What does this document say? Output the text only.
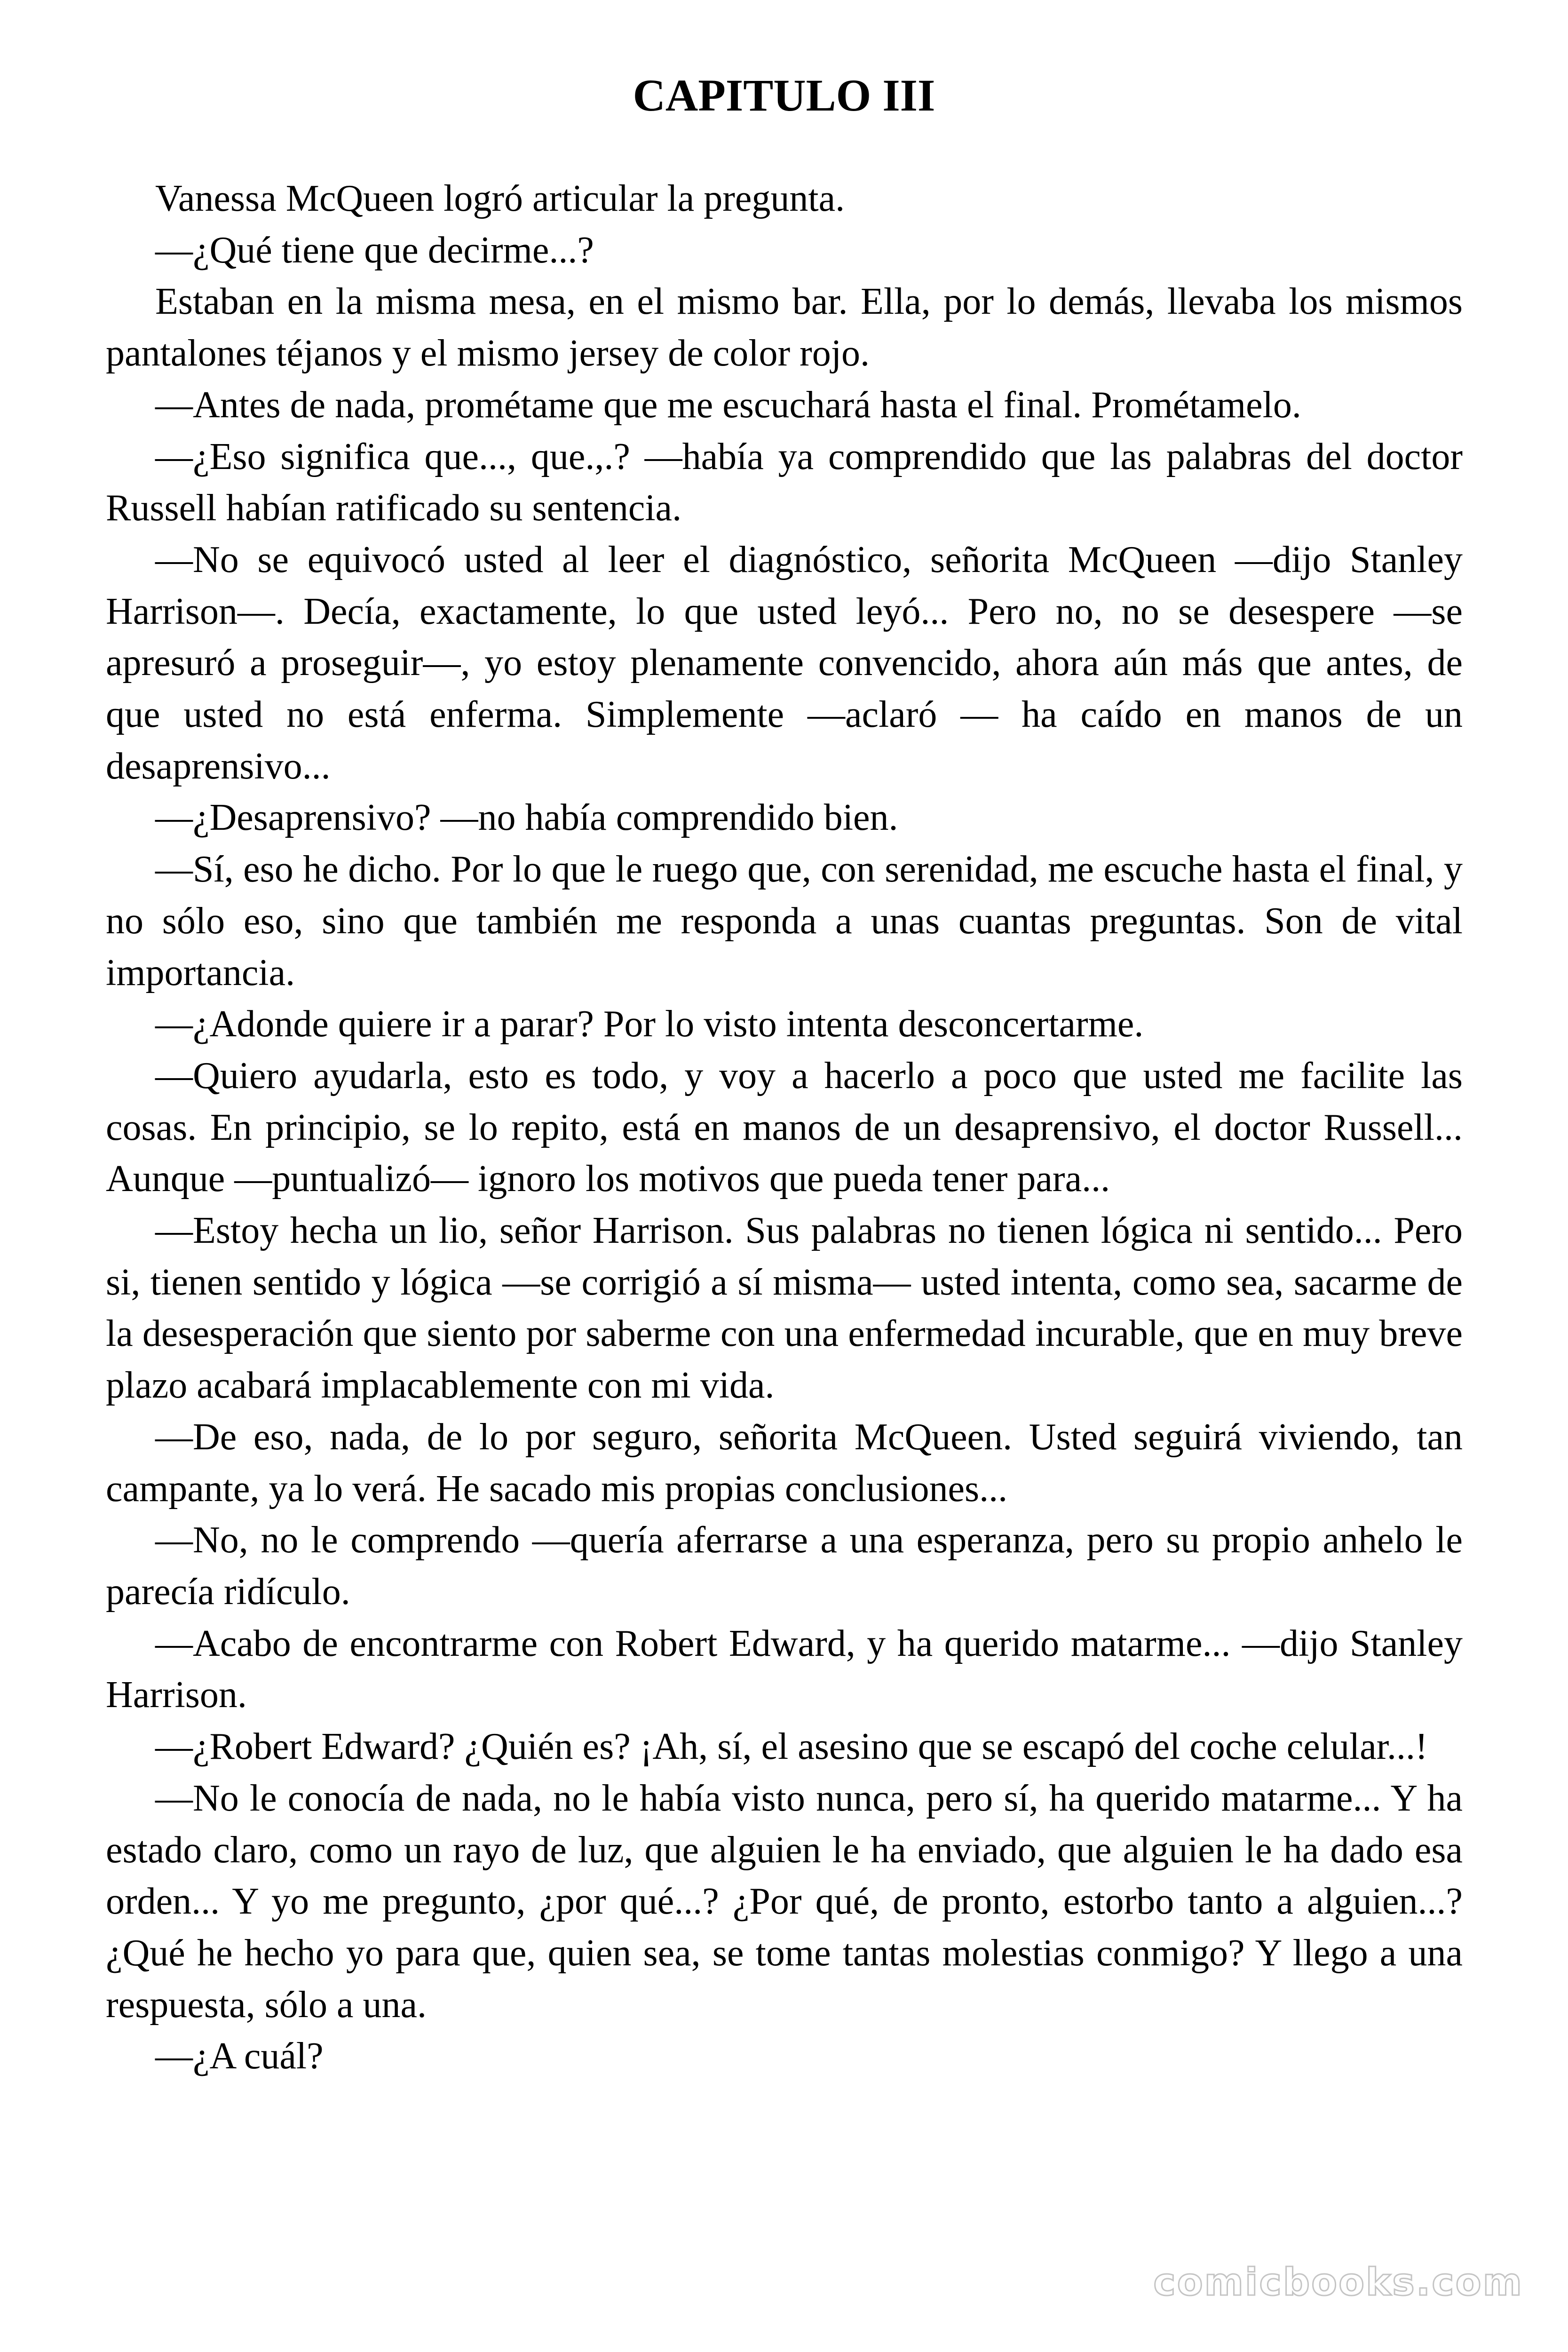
CAPITULO III

Vanessa McQueen logró articular la pregunta.

—¿Qué tiene que decirme...?

Estaban en la misma mesa, en el mismo bar. Ella, por lo demás, llevaba los mismos pantalones téjanos y el mismo jersey de color rojo.

—Antes de nada, prométame que me escuchará hasta el final. Prométamelo.

—¿Eso significa que..., que.,.? —había ya comprendido que las palabras del doctor Russell habían ratificado su sentencia.

—No se equivocó usted al leer el diagnóstico, señorita McQueen —dijo Stanley Harrison—. Decía, exactamente, lo que usted leyó... Pero no, no se desespere —se apresuró a proseguir—, yo estoy plenamente convencido, ahora aún más que antes, de que usted no está enferma. Simplemente —aclaró — ha caído en manos de un desaprensivo...

—¿Desaprensivo? —no había comprendido bien.

—Sí, eso he dicho. Por lo que le ruego que, con serenidad, me escuche hasta el final, y no sólo eso, sino que también me responda a unas cuantas preguntas. Son de vital importancia.

—¿Adonde quiere ir a parar? Por lo visto intenta desconcertarme.

—Quiero ayudarla, esto es todo, y voy a hacerlo a poco que usted me facilite las cosas. En principio, se lo repito, está en manos de un desaprensivo, el doctor Russell... Aunque —puntualizó— ignoro los motivos que pueda tener para...

—Estoy hecha un lio, señor Harrison. Sus palabras no tienen lógica ni sentido... Pero si, tienen sentido y lógica —se corrigió a sí misma— usted intenta, como sea, sacarme de la desesperación que siento por saberme con una enfermedad incurable, que en muy breve plazo acabará implacablemente con mi vida.

—De eso, nada, de lo por seguro, señorita McQueen. Usted seguirá viviendo, tan campante, ya lo verá. He sacado mis propias conclusiones...

—No, no le comprendo —quería aferrarse a una esperanza, pero su propio anhelo le parecía ridículo.

—Acabo de encontrarme con Robert Edward, y ha querido matarme... —dijo Stanley Harrison.

—¿Robert Edward? ¿Quién es? ¡Ah, sí, el asesino que se escapó del coche celular...!

—No le conocía de nada, no le había visto nunca, pero sí, ha querido matarme... Y ha estado claro, como un rayo de luz, que alguien le ha enviado, que alguien le ha dado esa orden... Y yo me pregunto, ¿por qué...? ¿Por qué, de pronto, estorbo tanto a alguien...? ¿Qué he hecho yo para que, quien sea, se tome tantas molestias conmigo? Y llego a una respuesta, sólo a una.

—¿A cuál?

comicbooks.com
